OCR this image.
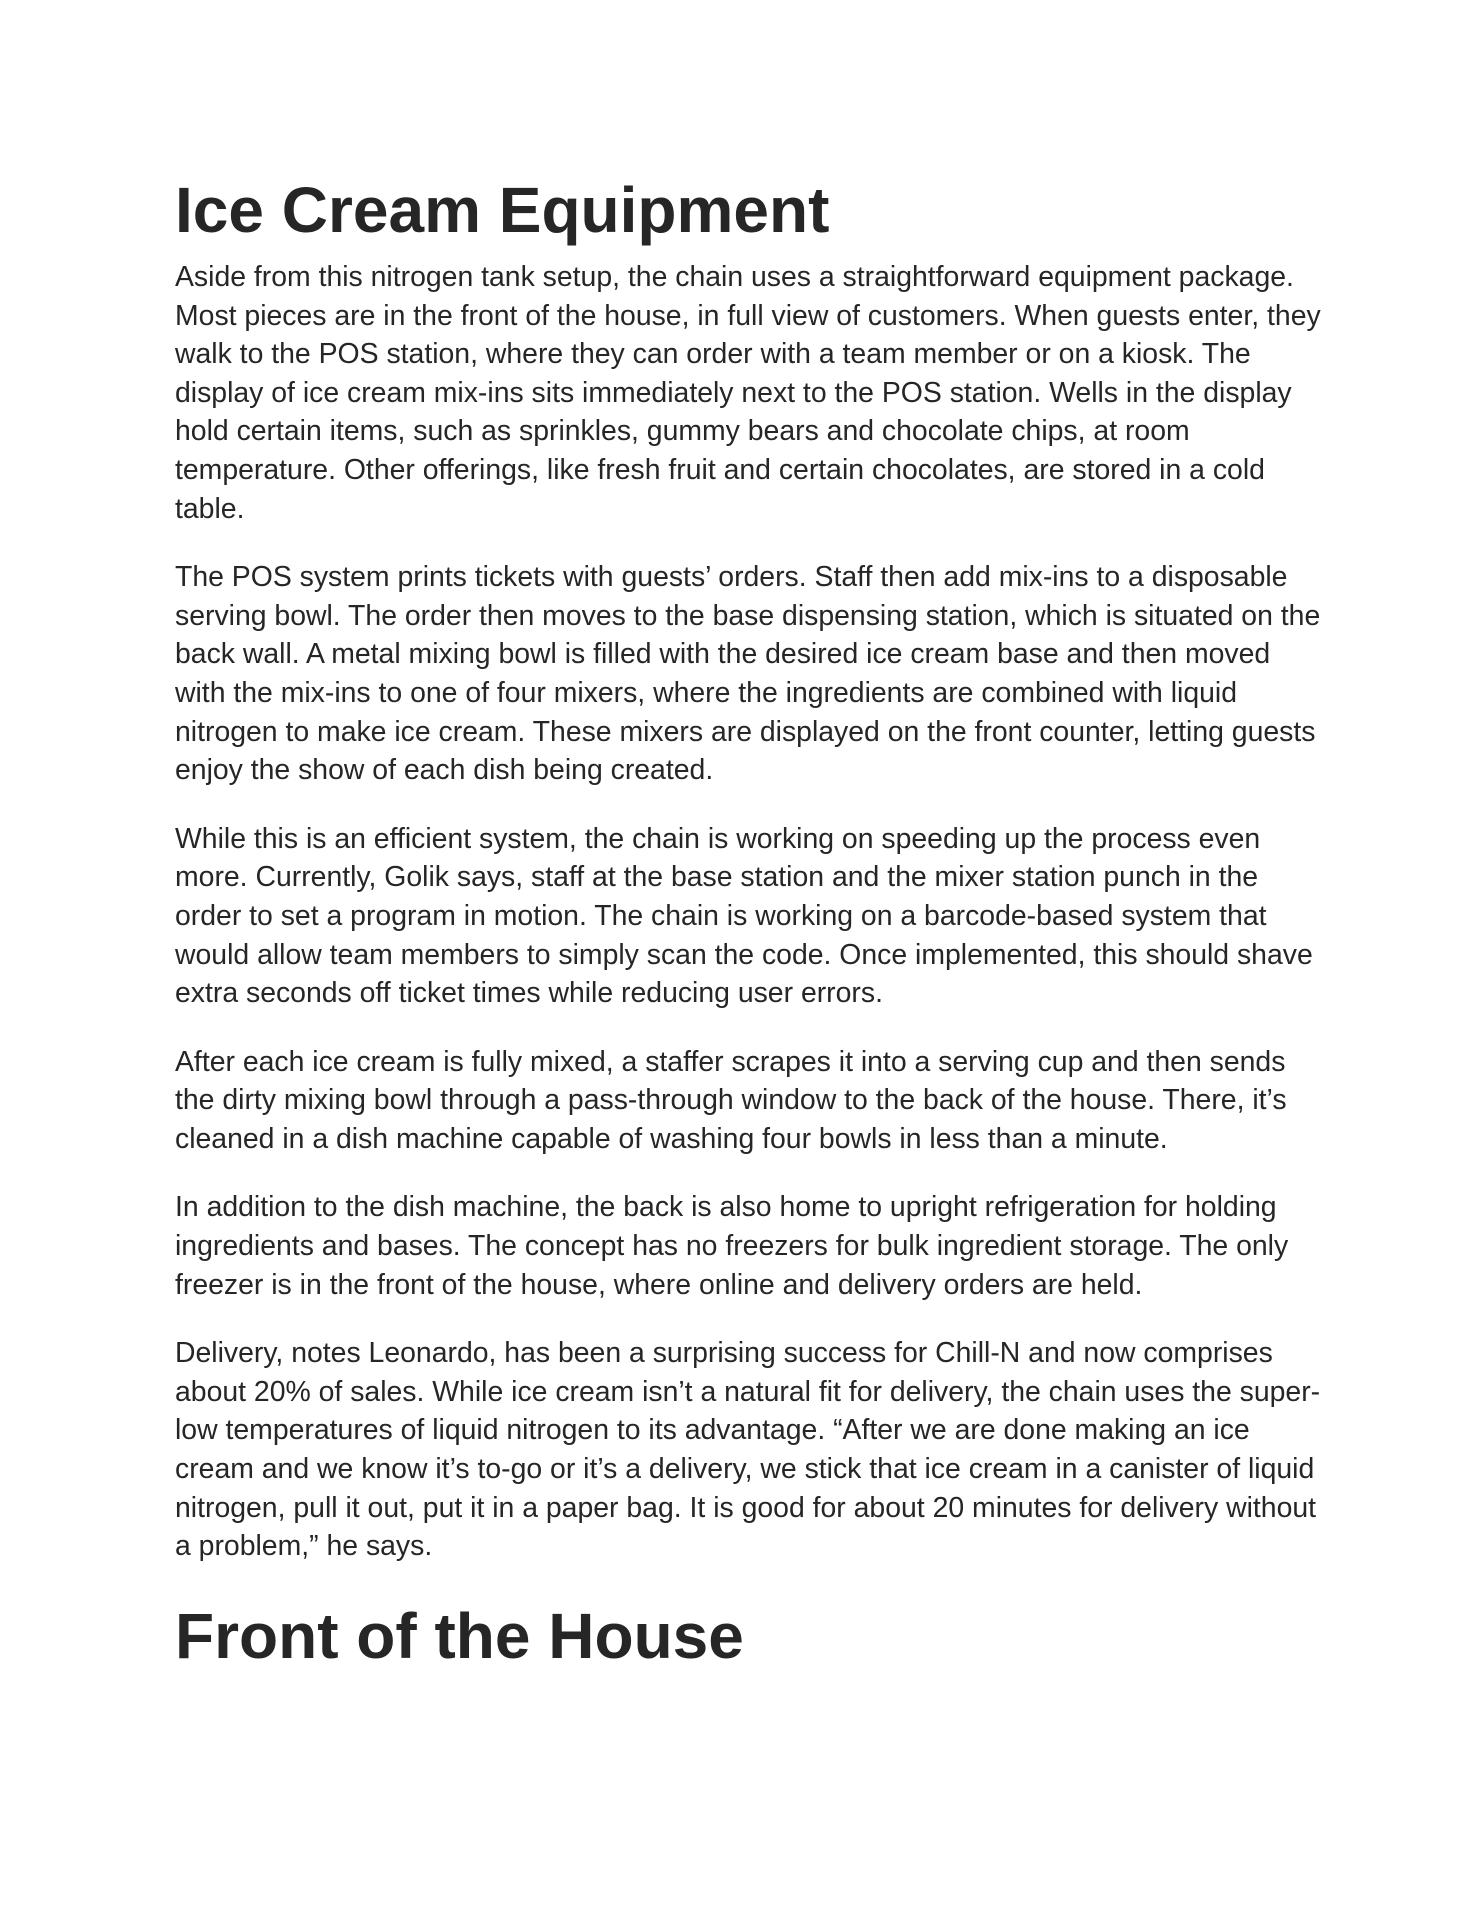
Ice Cream Equipment

Aside from this nitrogen tank setup, the chain uses a straightforward equipment package. Most pieces are in the front of the house, in full view of customers. When guests enter, they walk to the POS station, where they can order with a team member or on a kiosk. The display of ice cream mix-ins sits immediately next to the POS station. Wells in the display hold certain items, such as sprinkles, gummy bears and chocolate chips, at room temperature. Other offerings, like fresh fruit and certain chocolates, are stored in a cold table.

The POS system prints tickets with guests’ orders. Staff then add mix-ins to a disposable serving bowl. The order then moves to the base dispensing station, which is situated on the back wall. A metal mixing bowl is filled with the desired ice cream base and then moved with the mix-ins to one of four mixers, where the ingredients are combined with liquid nitrogen to make ice cream. These mixers are displayed on the front counter, letting guests enjoy the show of each dish being created.

While this is an efficient system, the chain is working on speeding up the process even more. Currently, Golik says, staff at the base station and the mixer station punch in the order to set a program in motion. The chain is working on a barcode-based system that would allow team members to simply scan the code. Once implemented, this should shave extra seconds off ticket times while reducing user errors.

After each ice cream is fully mixed, a staffer scrapes it into a serving cup and then sends the dirty mixing bowl through a pass-through window to the back of the house. There, it’s cleaned in a dish machine capable of washing four bowls in less than a minute.

In addition to the dish machine, the back is also home to upright refrigeration for holding ingredients and bases. The concept has no freezers for bulk ingredient storage. The only freezer is in the front of the house, where online and delivery orders are held.

Delivery, notes Leonardo, has been a surprising success for Chill-N and now comprises about 20% of sales. While ice cream isn’t a natural fit for delivery, the chain uses the super-low temperatures of liquid nitrogen to its advantage. “After we are done making an ice cream and we know it’s to-go or it’s a delivery, we stick that ice cream in a canister of liquid nitrogen, pull it out, put it in a paper bag. It is good for about 20 minutes for delivery without a problem,” he says.

Front of the House
